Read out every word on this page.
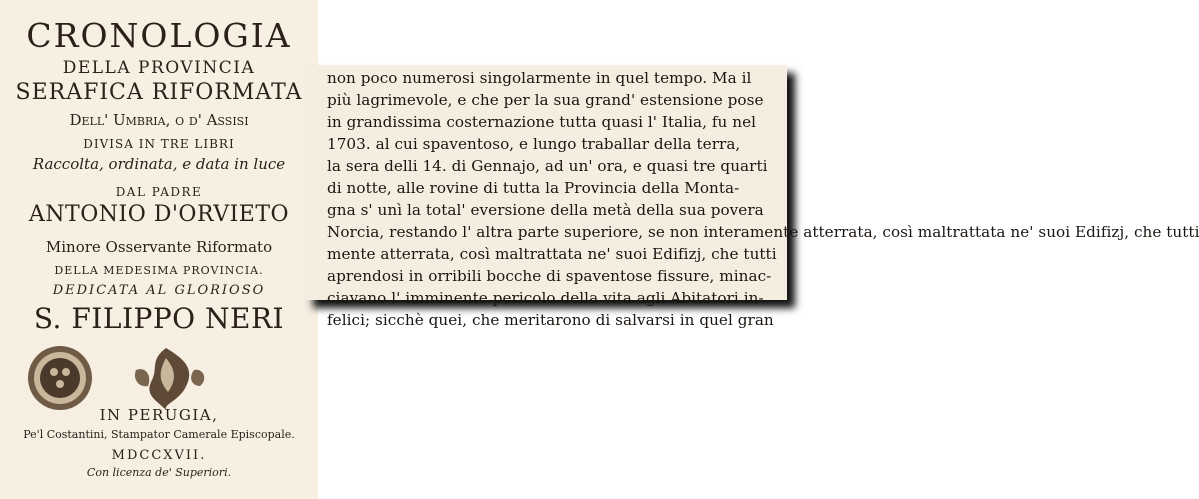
CRONOLOGIA
DELLA PROVINCIA
SERAFICA RIFORMATA
Dell' Umbria, o d' Assisi
DIVISA IN TRE LIBRI
Raccolta, ordinata, e data in luce
DAL PADRE
ANTONIO D'ORVIETO
Minore Osservante Riformato
DELLA MEDESIMA PROVINCIA.
DEDICATA AL GLORIOSO
S. FILIPPO NERI
IN PERUGIA,
Pe'l Costantini, Stampator Camerale Episcopale.
MDCCXVII.
Con licenza de' Superiori.
non poco numerosi singolarmente in quel tempo. Ma il
più lagrimevole, e che per la sua grand' estensione pose
in grandissima costernazione tutta quasi l' Italia, fu nel
1703. al cui spaventoso, e lungo traballar della terra,
la sera delli 14. di Gennajo, ad un' ora, e quasi tre quarti
di notte, alle rovine di tutta la Provincia della Monta-
gna s' unì la total' eversione della metà della sua povera
Norcia, restando l' altra parte superiore, se non interamente atterrata, così maltrattata ne' suoi Edifizj, che tutti
mente atterrata, così maltrattata ne' suoi Edifizj, che tutti
aprendosi in orribili bocche di spaventose fissure, minac-
ciavano l' imminente pericolo della vita agli Abitatori in-
felici; sicchè quei, che meritarono di salvarsi in quel gran
